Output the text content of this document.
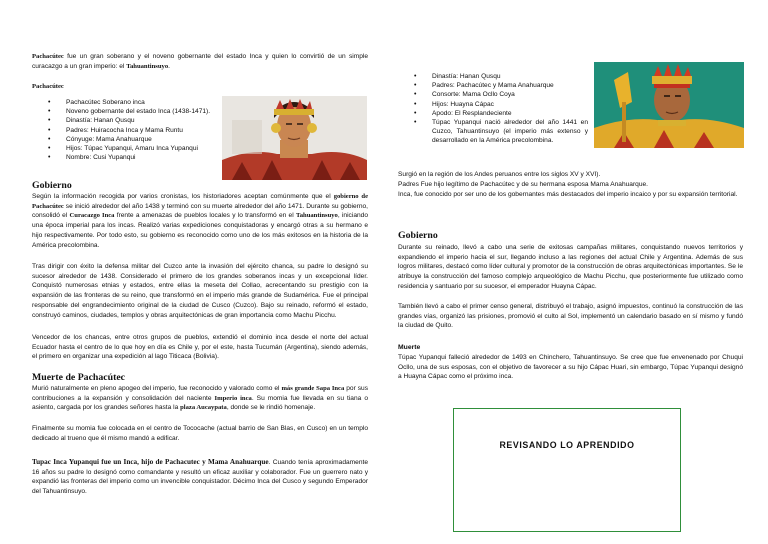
Pachacútec fue un gran soberano y el noveno gobernante del estado Inca y quien lo convirtió de un simple curacazgo a un gran imperio: el Tahuantinsuyo.

Pachacútec
• Pachacútec Soberano inca
• Noveno gobernante del estado Inca (1438-1471).
• Dinastía: Hanan Qusqu
• Padres: Huiracocha Inca y Mama Runtu
• Cónyuge: Mama Anahuarque
• Hijos: Túpac Yupanqui, Amaru Inca Yupanqui
• Nombre: Cusi Yupanqui
Gobierno

Según la información recogida por varios cronistas, los historiadores aceptan comúnmente que el gobierno de Pachacútec se inició alrededor del año 1438 y terminó con su muerte alrededor del año 1471. Durante su gobierno, consolidó el Curacazgo Inca frente a amenazas de pueblos locales y lo transformó en el Tahuantinsuyo, iniciando una época imperial para los incas. Realizó varias expediciones conquistadoras y encargó otras a su hermano e hijo respectivamente. Por todo esto, su gobierno es reconocido como uno de los más exitosos en la historia de la América precolombina.

Tras dirigir con éxito la defensa militar del Cuzco ante la invasión del ejército chanca, su padre lo designó su sucesor alrededor de 1438. Considerado el primero de los grandes soberanos incas y un excepcional líder. Conquistó numerosas etnias y estados, entre ellas la meseta del Collao, acrecentando su prestigio con la expansión de las fronteras de su reino, que transformó en el imperio más grande de Sudamérica. Fue el principal responsable del engrandecimiento original de la ciudad de Cusco (Cuzco). Bajo su reinado, reformó el estado, construyó caminos, ciudades, templos y obras arquitectónicas de gran importancia como Machu Picchu.

Vencedor de los chancas, entre otros grupos de pueblos, extendió el dominio inca desde el norte del actual Ecuador hasta el centro de lo que hoy en día es Chile y, por el este, hasta Tucumán (Argentina), siendo además, el primero en organizar una expedición al lago Titicaca (Bolivia).

Muerte de Pachacútec

Murió naturalmente en pleno apogeo del imperio, fue reconocido y valorado como el más grande Sapa Inca por sus contribuciones a la expansión y consolidación del naciente Imperio inca. Su momia fue llevada en su tiana o asiento, cargada por los grandes señores hasta la plaza Aucaypata, donde se le rindió homenaje.

Finalmente su momia fue colocada en el centro de Tococache (actual barrio de San Blas, en Cusco) en un templo dedicado al trueno que él mismo mandó a edificar.

Tupac Inca Yupanqui fue un Inca, hijo de Pachacutec y Mama Anahuarque. Cuando tenía aproximadamente 16 años su padre lo designó como comandante y resultó un eficaz auxiliar y colaborador. Fue un guerrero nato y expandió las fronteras del imperio como un invencible conquistador. Décimo Inca del Cusco y segundo Emperador del Tahuantinsuyo.

• Dinastía: Hanan Qusqu
• Padres: Pachacútec y Mama Anahuarque
• Consorte: Mama Ocllo Coya
• Hijos: Huayna Cápac
• Apodo: El Resplandeciente
• Túpac Yupanqui nació alrededor del año 1441 en Cuzco, Tahuantinsuyo (el imperio más extenso y desarrollado en la América precolombina.

Surgió en la región de los Andes peruanos entre los siglos XV y XVI).

Padres Fue hijo legítimo de Pachacútec y de su hermana esposa Mama Anahuarque.

Inca, fue conocido por ser uno de los gobernantes más destacados del imperio incaico y por su expansión territorial.

Gobierno

Durante su reinado, llevó a cabo una serie de exitosas campañas militares, conquistando nuevos territorios y expandiendo el imperio hacia el sur, llegando incluso a las regiones del actual Chile y Argentina. Además de sus logros militares, destacó como líder cultural y promotor de la construcción de obras arquitectónicas importantes. Se le atribuye la construcción del famoso complejo arqueológico de Machu Picchu, que posteriormente fue utilizado como residencia y santuario por su sucesor, el emperador Huayna Cápac.

También llevó a cabo el primer censo general, distribuyó el trabajo, asignó impuestos, continuó la construcción de las grandes vías, organizó las prisiones, promovió el culto al Sol, implementó un calendario basado en sí mismo y fundó la ciudad de Quito.

Muerte

Túpac Yupanqui falleció alrededor de 1493 en Chinchero, Tahuantinsuyo. Se cree que fue envenenado por Chuqui Ocllo, una de sus esposas, con el objetivo de favorecer a su hijo Cápac Huari, sin embargo, Túpac Yupanqui designó a Huayna Cápac como el próximo inca.

REVISANDO LO APRENDIDO
